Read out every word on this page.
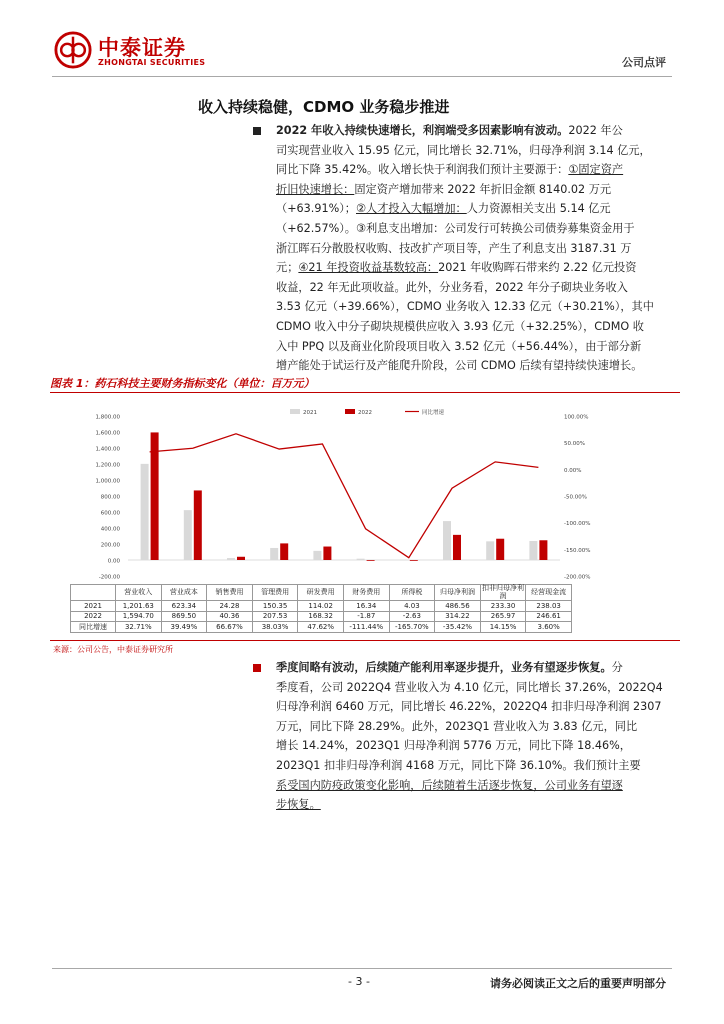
中泰证券
ZHONGTAI SECURITIES	公司点评
收入持续稳健，CDMO 业务稳步推进
2022 年收入持续快速增长，利润端受多因素影响有波动。2022 年公
司实现营业收入 15.95 亿元，同比增长 32.71%，归母净利润 3.14 亿元，
同比下降 35.42%。收入增长快于利润我们预计主要源于：①固定资产
折旧快速增长：固定资产增加带来 2022 年折旧金额 8140.02 万元
（+63.91%）；②人才投入大幅增加：人力资源相关支出 5.14 亿元
（+62.57%）。③利息支出增加：公司发行可转换公司债券募集资金用于
浙江晖石分散股权收购、技改扩产项目等，产生了利息支出 3187.31 万
元；④21 年投资收益基数较高：2021 年收购晖石带来约 2.22 亿元投资
收益，22 年无此项收益。此外，分业务看，2022 年分子砌块业务收入
3.53 亿元（+39.66%），CDMO 业务收入 12.33 亿元（+30.21%），其中
CDMO 收入中分子砌块规模供应收入 3.93 亿元（+32.25%），CDMO 收
入中 PPQ 以及商业化阶段项目收入 3.52 亿元（+56.44%），由于部分新
增产能处于试运行及产能爬升阶段，公司 CDMO 后续有望持续快速增长。
图表 1：药石科技主要财务指标变化（单位：百万元）
1,800.00
1,600.00
1,400.00
1,200.00
1,000.00
800.00
600.00
400.00
200.00
0.00
-200.00
100.00%
50.00%
0.00%
-50.00%
-100.00%
-150.00%
-200.00%
2021	2022	同比增速
	营业收入	营业成本	销售费用	管理费用	研发费用	财务费用	所得税	归母净利润	扣非归母净利润	经营现金流
2021	1,201.63	623.34	24.28	150.35	114.02	16.34	4.03	486.56	233.30	238.03
2022	1,594.70	869.50	40.36	207.53	168.32	-1.87	-2.63	314.22	265.97	246.61
同比增速	32.71%	39.49%	66.67%	38.03%	47.62%	-111.44%	-165.70%	-35.42%	14.15%	3.60%
来源：公司公告，中泰证券研究所
季度间略有波动，后续随产能利用率逐步提升，业务有望逐步恢复。分
季度看，公司 2022Q4 营业收入为 4.10 亿元，同比增长 37.26%，2022Q4
归母净利润 6460 万元，同比增长 46.22%，2022Q4 扣非归母净利润 2307
万元，同比下降 28.29%。此外，2023Q1 营业收入为 3.83 亿元，同比
增长 14.24%，2023Q1 归母净利润 5776 万元，同比下降 18.46%，
2023Q1 扣非归母净利润 4168 万元，同比下降 36.10%。我们预计主要
系受国内防疫政策变化影响，后续随着生活逐步恢复，公司业务有望逐
步恢复。
- 3 -	请务必阅读正文之后的重要声明部分
